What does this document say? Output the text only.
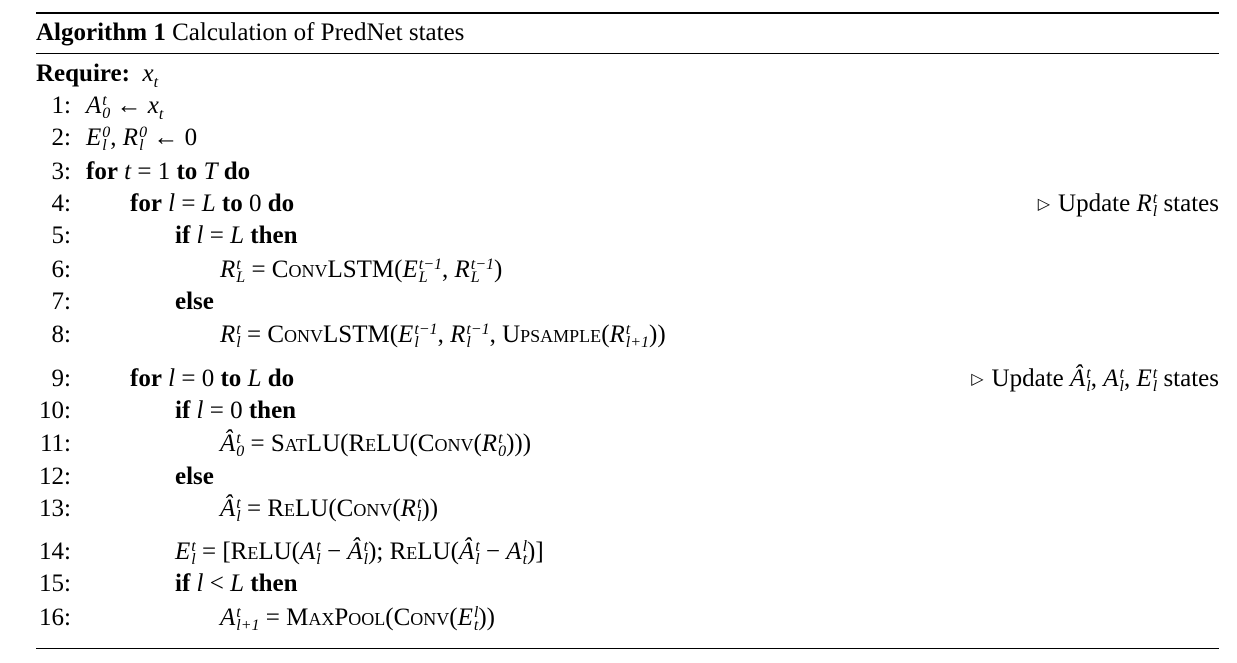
Algorithm 1 Calculation of PredNet states
Require:  $x_t$
1: A t
0 ← $x_t$
2: E 0
l , R 0
l ← 0
3: for t = 1 to T do
4: for l = L to 0 do	▷ Update R t
l states
5:	if l = L then
6:	R t
L = ConvLSTM(E t−1
L , R t−1
L )
7:	else
8:	R t
l = ConvLSTM(E t−1
l , R t−1
l , Upsample(R t
l+1 ))
9: for l = 0 to L do	▷ Update Â t
l , A t
l , E t
l states
10:	if l = 0 then
11:	Â t
0 = SatLU(ReLU(Conv(R t
0 )))
12:	else
13:	Â t
l = ReLU(Conv(R t
l ))
14:	E t
l = [ReLU(A t
l − Â t
l ); ReLU(Â t
l − A l
t )]
15:	if l < L then
16:	A t
l+1 = MaxPool(Conv(E l
t ))
